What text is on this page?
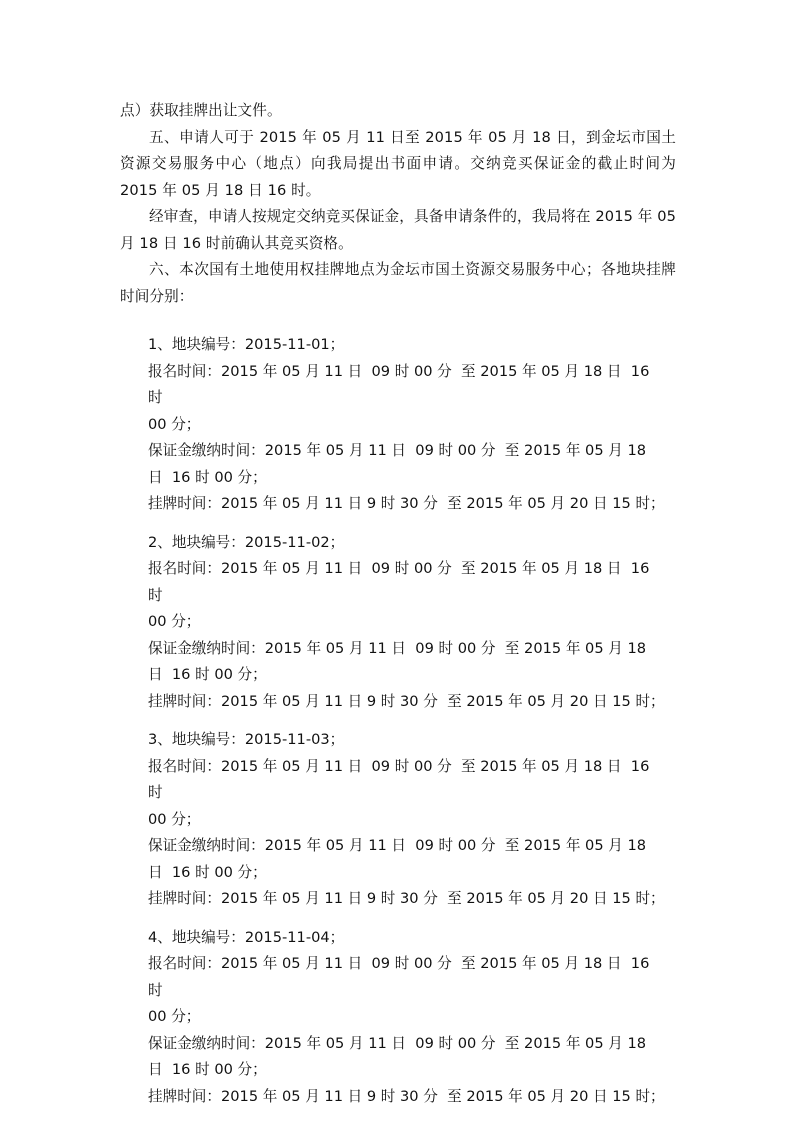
点）获取挂牌出让文件。

五、申请人可于 2015 年 05 月 11 日至 2015 年 05 月 18 日，到金坛市国土资源交易服务中心（地点）向我局提出书面申请。交纳竞买保证金的截止时间为 2015 年 05 月 18 日 16 时。

经审查，申请人按规定交纳竞买保证金，具备申请条件的，我局将在 2015 年 05 月 18 日 16 时前确认其竞买资格。

六、本次国有土地使用权挂牌地点为金坛市国土资源交易服务中心；各地块挂牌时间分别：

1、地块编号：2015-11-01；

报名时间：2015 年 05 月 11 日  09 时 00 分  至 2015 年 05 月 18 日  16 时

00 分；

保证金缴纳时间：2015 年 05 月 11 日  09 时 00 分  至 2015 年 05 月 18

日  16 时 00 分；

挂牌时间：2015 年 05 月 11 日 9 时 30 分  至 2015 年 05 月 20 日 15 时；

2、地块编号：2015-11-02；

报名时间：2015 年 05 月 11 日  09 时 00 分  至 2015 年 05 月 18 日  16 时

00 分；

保证金缴纳时间：2015 年 05 月 11 日  09 时 00 分  至 2015 年 05 月 18

日  16 时 00 分；

挂牌时间：2015 年 05 月 11 日 9 时 30 分  至 2015 年 05 月 20 日 15 时；

3、地块编号：2015-11-03；

报名时间：2015 年 05 月 11 日  09 时 00 分  至 2015 年 05 月 18 日  16 时

00 分；

保证金缴纳时间：2015 年 05 月 11 日  09 时 00 分  至 2015 年 05 月 18

日  16 时 00 分；

挂牌时间：2015 年 05 月 11 日 9 时 30 分  至 2015 年 05 月 20 日 15 时；

4、地块编号：2015-11-04；

报名时间：2015 年 05 月 11 日  09 时 00 分  至 2015 年 05 月 18 日  16 时

00 分；

保证金缴纳时间：2015 年 05 月 11 日  09 时 00 分  至 2015 年 05 月 18

日  16 时 00 分；

挂牌时间：2015 年 05 月 11 日 9 时 30 分  至 2015 年 05 月 20 日 15 时；
